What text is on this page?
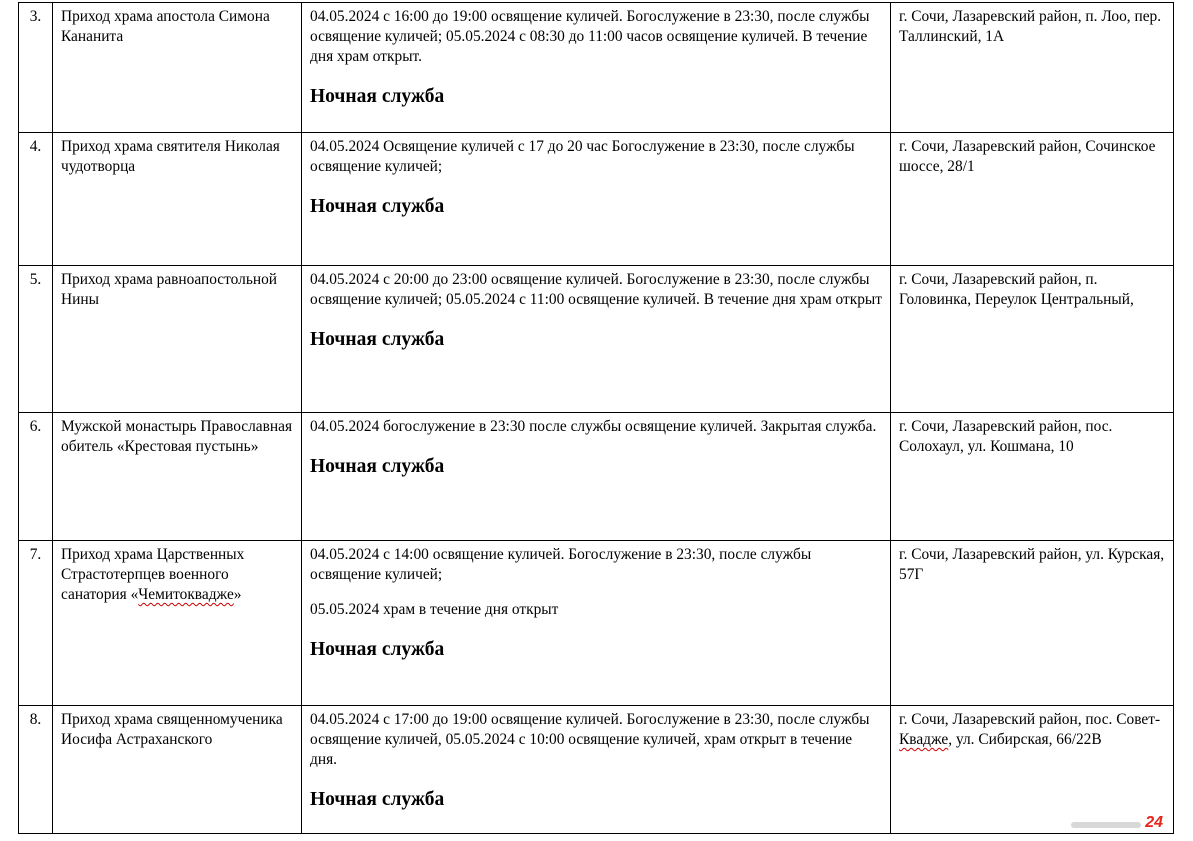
3.	Приход храма апостола Симона Кананита	04.05.2024 с 16:00 до 19:00 освящение куличей. Богослужение в 23:30, после службы освящение куличей; 05.05.2024 с 08:30 до 11:00 часов освящение куличей. В течение дня храм открыт.
Ночная служба	г. Сочи, Лазаревский район, п. Лоо, пер. Таллинский, 1А
4.	Приход храма святителя Николая чудотворца	04.05.2024 Освящение куличей с 17 до 20 час Богослужение в 23:30, после службы освящение куличей;
Ночная служба	г. Сочи, Лазаревский район, Сочинское шоссе, 28/1
5.	Приход храма равноапостольной Нины	04.05.2024 с 20:00 до 23:00 освящение куличей. Богослужение в 23:30, после службы освящение куличей; 05.05.2024 с 11:00 освящение куличей. В течение дня храм открыт
Ночная служба	г. Сочи, Лазаревский район, п. Головинка, Переулок Центральный,
6.	Мужской монастырь Православная обитель «Крестовая пустынь»	04.05.2024 богослужение в 23:30 после службы освящение куличей. Закрытая служба.
Ночная служба	г. Сочи, Лазаревский район, пос. Солохаул, ул. Кошмана, 10
7.	Приход храма Царственных Страстотерпцев военного санатория «Чемитоквадже»	04.05.2024 с 14:00 освящение куличей. Богослужение в 23:30, после службы освящение куличей;
05.05.2024 храм в течение дня открыт
Ночная служба	г. Сочи, Лазаревский район, ул. Курская, 57Г
8.	Приход храма священномученика Иосифа Астраханского	04.05.2024 с 17:00 до 19:00 освящение куличей. Богослужение в 23:30, после службы освящение куличей, 05.05.2024 с 10:00 освящение куличей, храм открыт в течение дня.
Ночная служба	г. Сочи, Лазаревский район, пос. Совет-Квадже, ул. Сибирская, 66/22В
24
